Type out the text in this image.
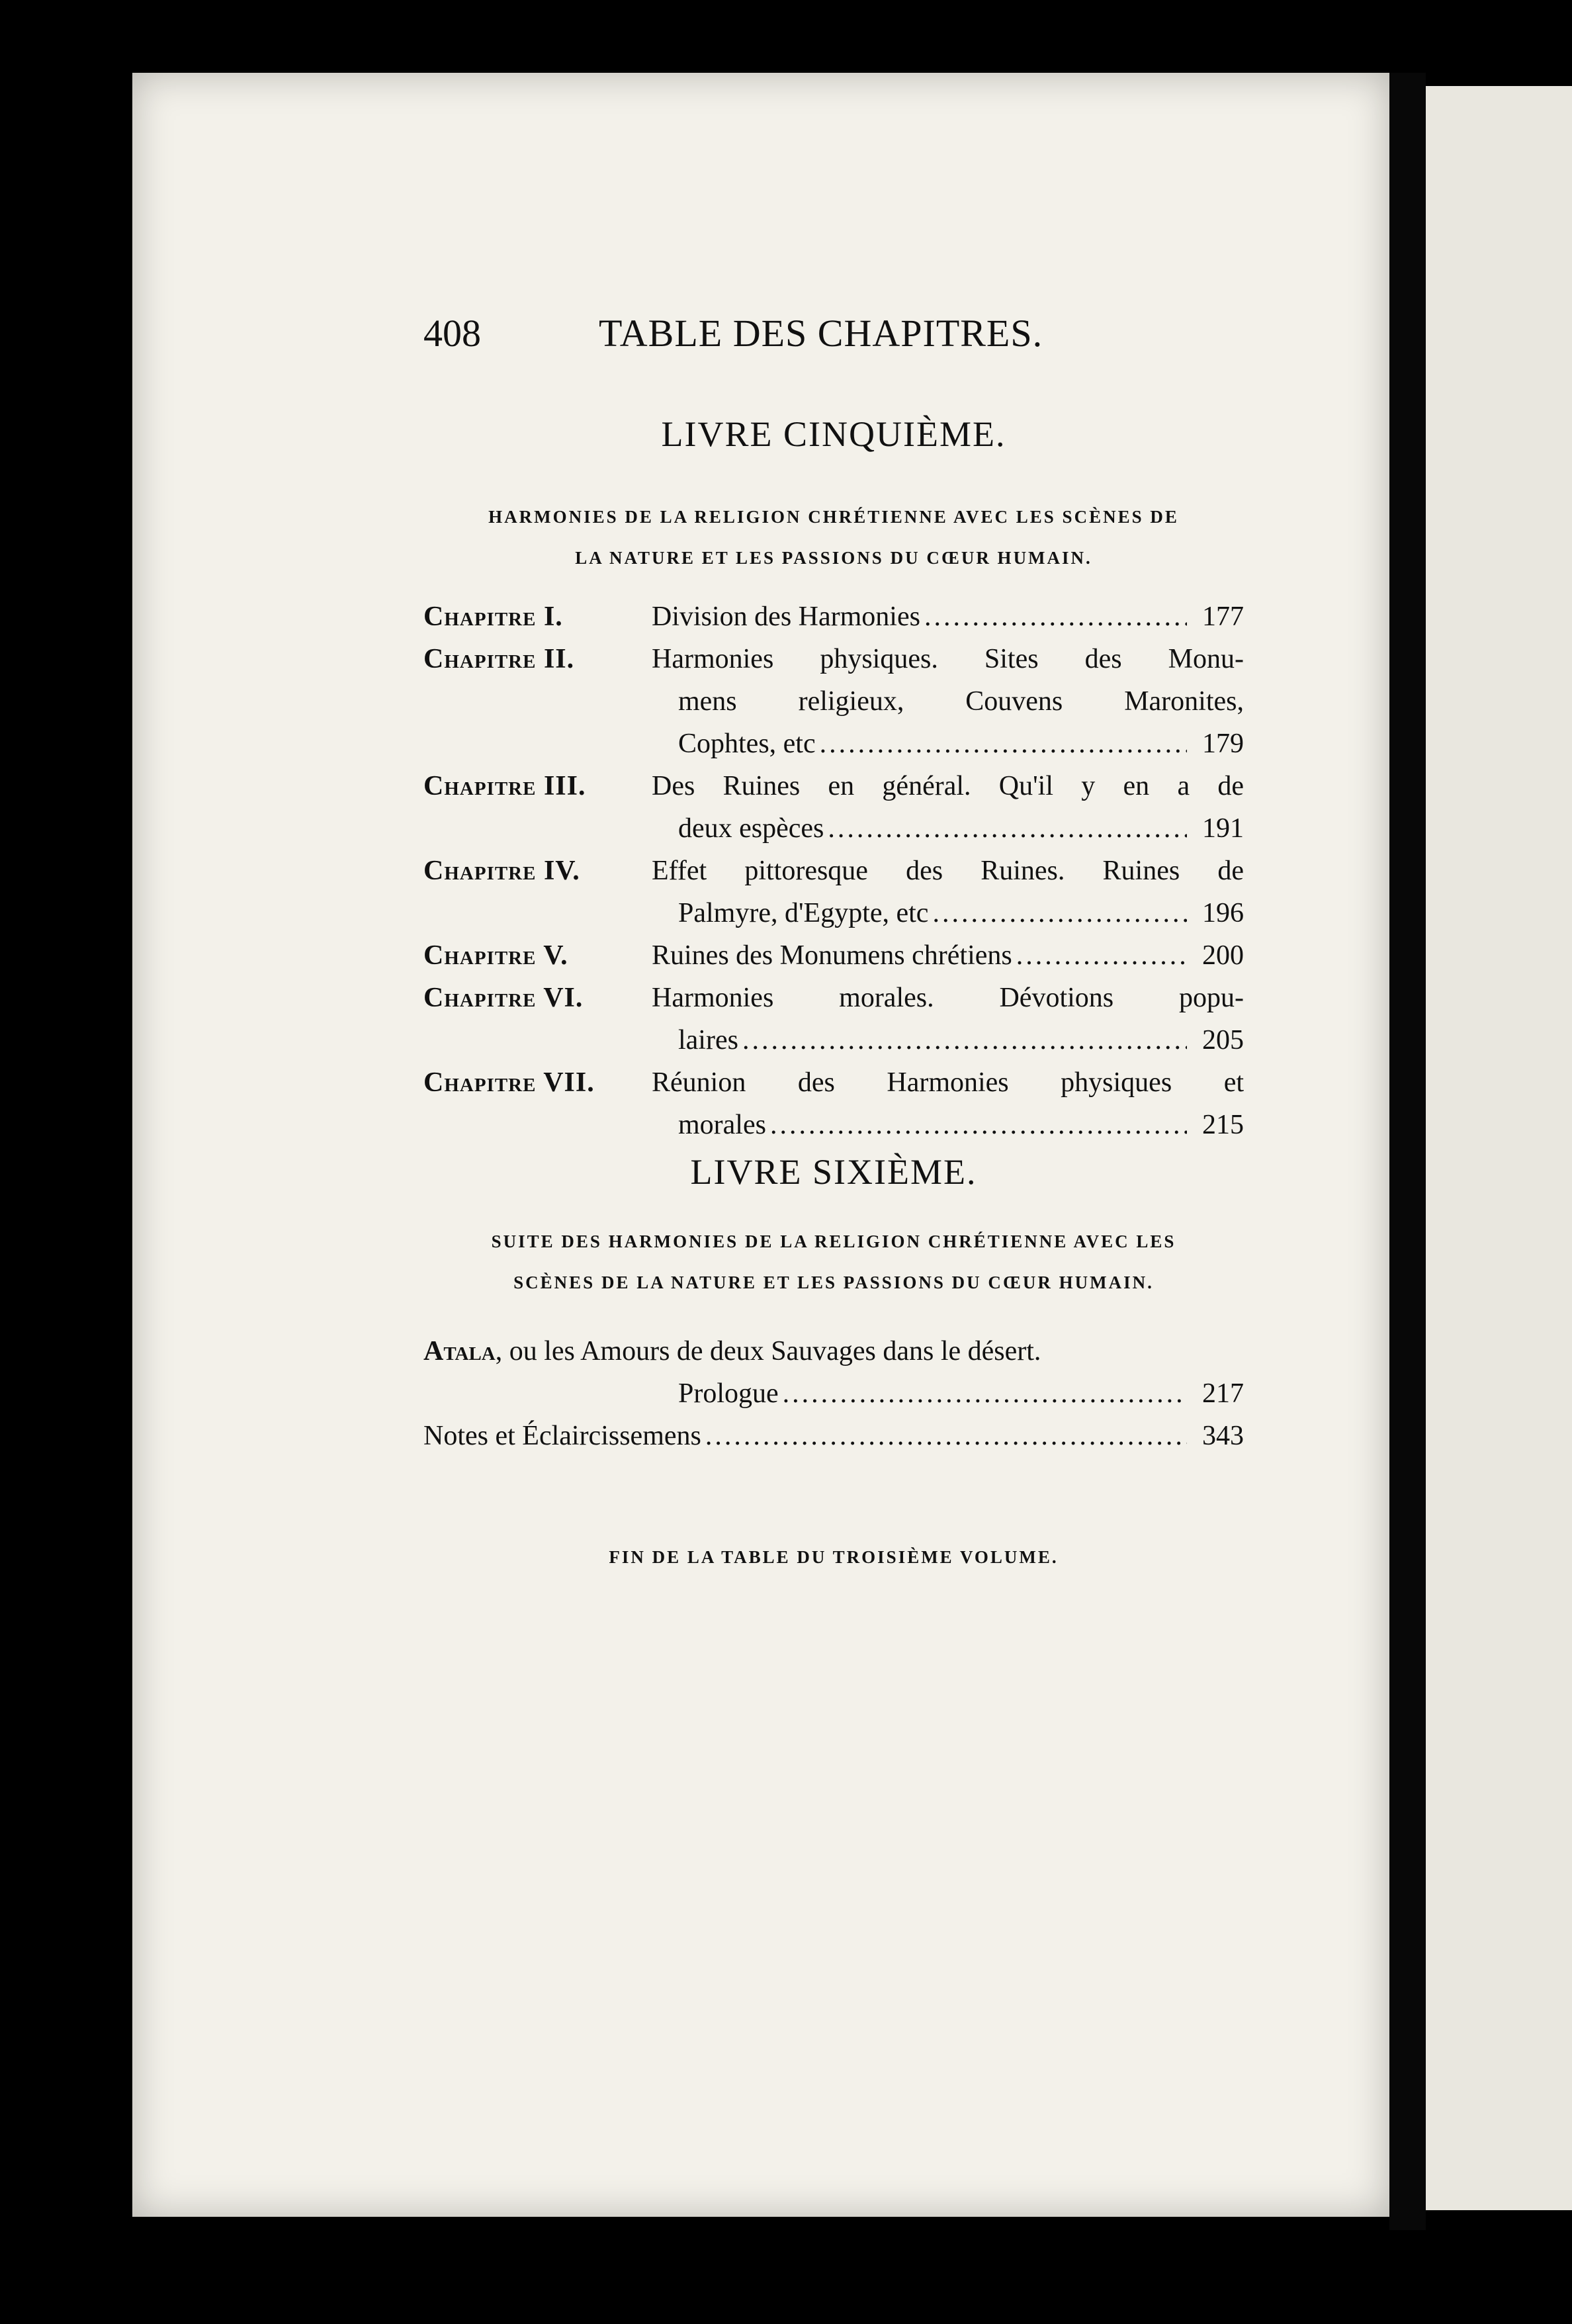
408	TABLE DES CHAPITRES.
LIVRE CINQUIÈME.
HARMONIES DE LA RELIGION CHRÉTIENNE AVEC LES SCÈNES DE
LA NATURE ET LES PASSIONS DU CŒUR HUMAIN.
Chapitre I.	Division des Harmonies .....	177
Chapitre II.	Harmonies physiques. Sites des Monu-
mens religieux, Couvens Maronites,
Cophtes, etc .....	179
Chapitre III.	Des Ruines en général. Qu'il y en a de
deux espèces .....	191
Chapitre IV.	Effet pittoresque des Ruines. Ruines de
Palmyre, d'Egypte, etc .....	196
Chapitre V.	Ruines des Monumens chrétiens .....	200
Chapitre VI.	Harmonies morales. Dévotions popu-
laires .....	205
Chapitre VII.	Réunion des Harmonies physiques et
morales .....	215
LIVRE SIXIÈME.
SUITE DES HARMONIES DE LA RELIGION CHRÉTIENNE AVEC LES
SCÈNES DE LA NATURE ET LES PASSIONS DU CŒUR HUMAIN.
Atala , ou les Amours de deux Sauvages dans le désert.
Prologue .....	217
Notes et Éclaircissemens .....	343
FIN DE LA TABLE DU TROISIÈME VOLUME.
